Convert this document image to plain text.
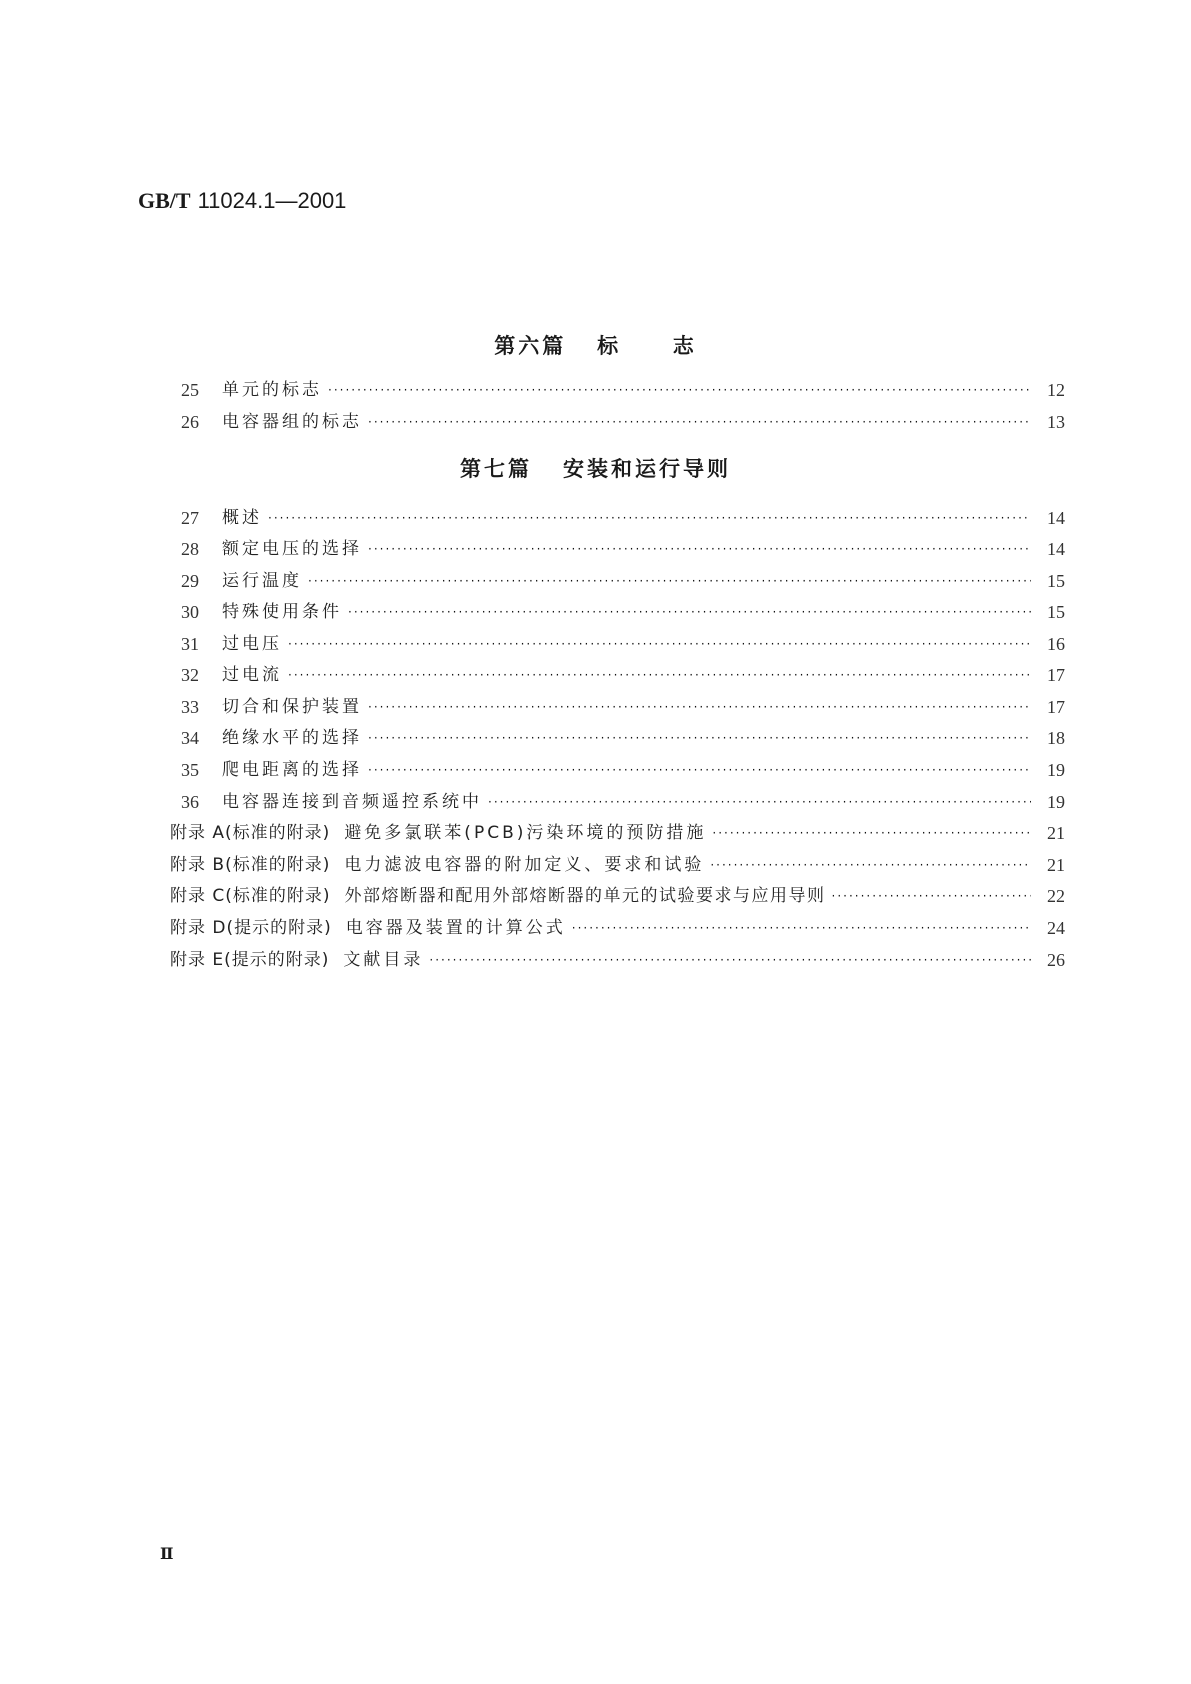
GB/T 11024.1—2001
第六篇   标     志
25	单元的标志 ·····	12
26	电容器组的标志 ·····	13
第七篇   安装和运行导则
27	概述 ·····	14
28	额定电压的选择 ·····	14
29	运行温度 ·····	15
30	特殊使用条件 ·····	15
31	过电压 ·····	16
32	过电流 ·····	17
33	切合和保护装置 ·····	17
34	绝缘水平的选择 ·····	18
35	爬电距离的选择 ·····	19
36	电容器连接到音频遥控系统中 ·····	19
附录 A(标准的附录) 避免多氯联苯(PCB)污染环境的预防措施 ·····	21
附录 B(标准的附录) 电力滤波电容器的附加定义、要求和试验 ·····	21
附录 C(标准的附录) 外部熔断器和配用外部熔断器的单元的试验要求与应用导则 ·····	22
附录 D(提示的附录) 电容器及装置的计算公式 ·····	24
附录 E(提示的附录) 文献目录 ·····	26
Ⅱ
